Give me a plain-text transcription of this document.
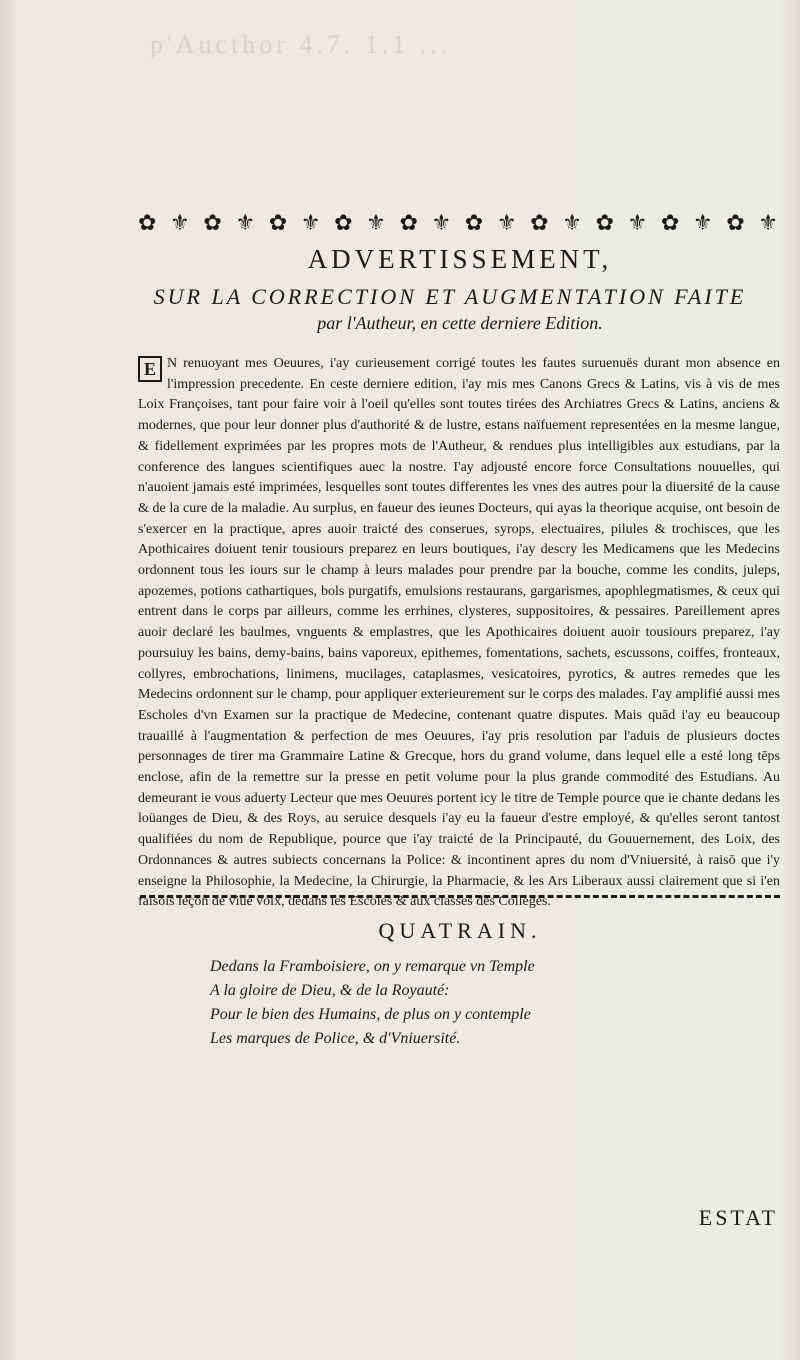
p'Aucthor 4.7. 1.1 ...
✿ ⚜ ✿ ⚜ ✿ ⚜ ✿ ⚜ ✿ ⚜ ✿ ⚜ ✿ ⚜ ✿ ⚜ ✿ ⚜ ✿ ⚜
ADVERTISSEMENT,
SUR LA CORRECTION ET AUGMENTATION FAITE
par l'Autheur, en cette derniere Edition.
E N renuoyant mes Oeuures, i'ay curieusement corrigé toutes les fautes suruenuës durant mon absence en l'impression precedente. En ceste derniere edition, i'ay mis mes Canons Grecs & Latins, vis à vis de mes Loix Françoises, tant pour faire voir à l'oeil qu'elles sont toutes tirées des Archiatres Grecs & Latins, anciens & modernes, que pour leur donner plus d'authorité & de lustre, estans naïfuement representées en la mesme langue, & fidellement exprimées par les propres mots de l'Autheur, & rendues plus intelligibles aux estudians, par la conference des langues scientifiques auec la nostre. I'ay adjousté encore force Consultations nouuelles, qui n'auoient jamais esté imprimées, lesquelles sont toutes differentes les vnes des autres pour la diuersité de la cause & de la cure de la maladie. Au surplus, en faueur des ieunes Docteurs, qui ayas la theorique acquise, ont besoin de s'exercer en la practique, apres auoir traicté des conserues, syrops, electuaires, pilules & trochisces, que les Apothicaires doiuent tenir tousiours preparez en leurs boutiques, i'ay descry les Medicamens que les Medecins ordonnent tous les iours sur le champ à leurs malades pour prendre par la bouche, comme les condits, juleps, apozemes, potions cathartiques, bols purgatifs, emulsions restaurans, gargarismes, apophlegmatismes, & ceux qui entrent dans le corps par ailleurs, comme les errhines, clysteres, suppositoires, & pessaires. Pareillement apres auoir declaré les baulmes, vnguents & emplastres, que les Apothicaires doiuent auoir tousiours preparez, i'ay poursuiuy les bains, demy-bains, bains vaporeux, epithemes, fomentations, sachets, escussons, coiffes, fronteaux, collyres, embrochations, linimens, mucilages, cataplasmes, vesicatoires, pyrotics, & autres remedes que les Medecins ordonnent sur le champ, pour appliquer exterieurement sur le corps des malades. I'ay amplifié aussi mes Escholes d'vn Examen sur la practique de Medecine, contenant quatre disputes. Mais quād i'ay eu beaucoup trauaillé à l'augmentation & perfection de mes Oeuures, i'ay pris resolution par l'aduis de plusieurs doctes personnages de tirer ma Grammaire Latine & Grecque, hors du grand volume, dans lequel elle a esté long tēps enclose, afin de la remettre sur la presse en petit volume pour la plus grande commodité des Estudians. Au demeurant ie vous aduerty Lecteur que mes Oeuures portent icy le titre de Temple pource que ie chante dedans les loüanges de Dieu, & des Roys, au seruice desquels i'ay eu la faueur d'estre employé, & qu'elles seront tantost qualifiées du nom de Republique, pource que i'ay traicté de la Principauté, du Gouuernement, des Loix, des Ordonnances & autres subiects concernans la Police: & incontinent apres du nom d'Vniuersité, à raisō que i'y enseigne la Philosophie, la Medecine, la Chirurgie, la Pharmacie, & les Ars Liberaux aussi clairement que si i'en faisois leçon de viue voix, dedans les Escoles & aux classes des Colleges.
QUATRAIN.
Dedans la Framboisiere, on y remarque vn Temple
A la gloire de Dieu, & de la Royauté:
Pour le bien des Humains, de plus on y contemple
Les marques de Police, & d'Vniuersité.
ESTAT
